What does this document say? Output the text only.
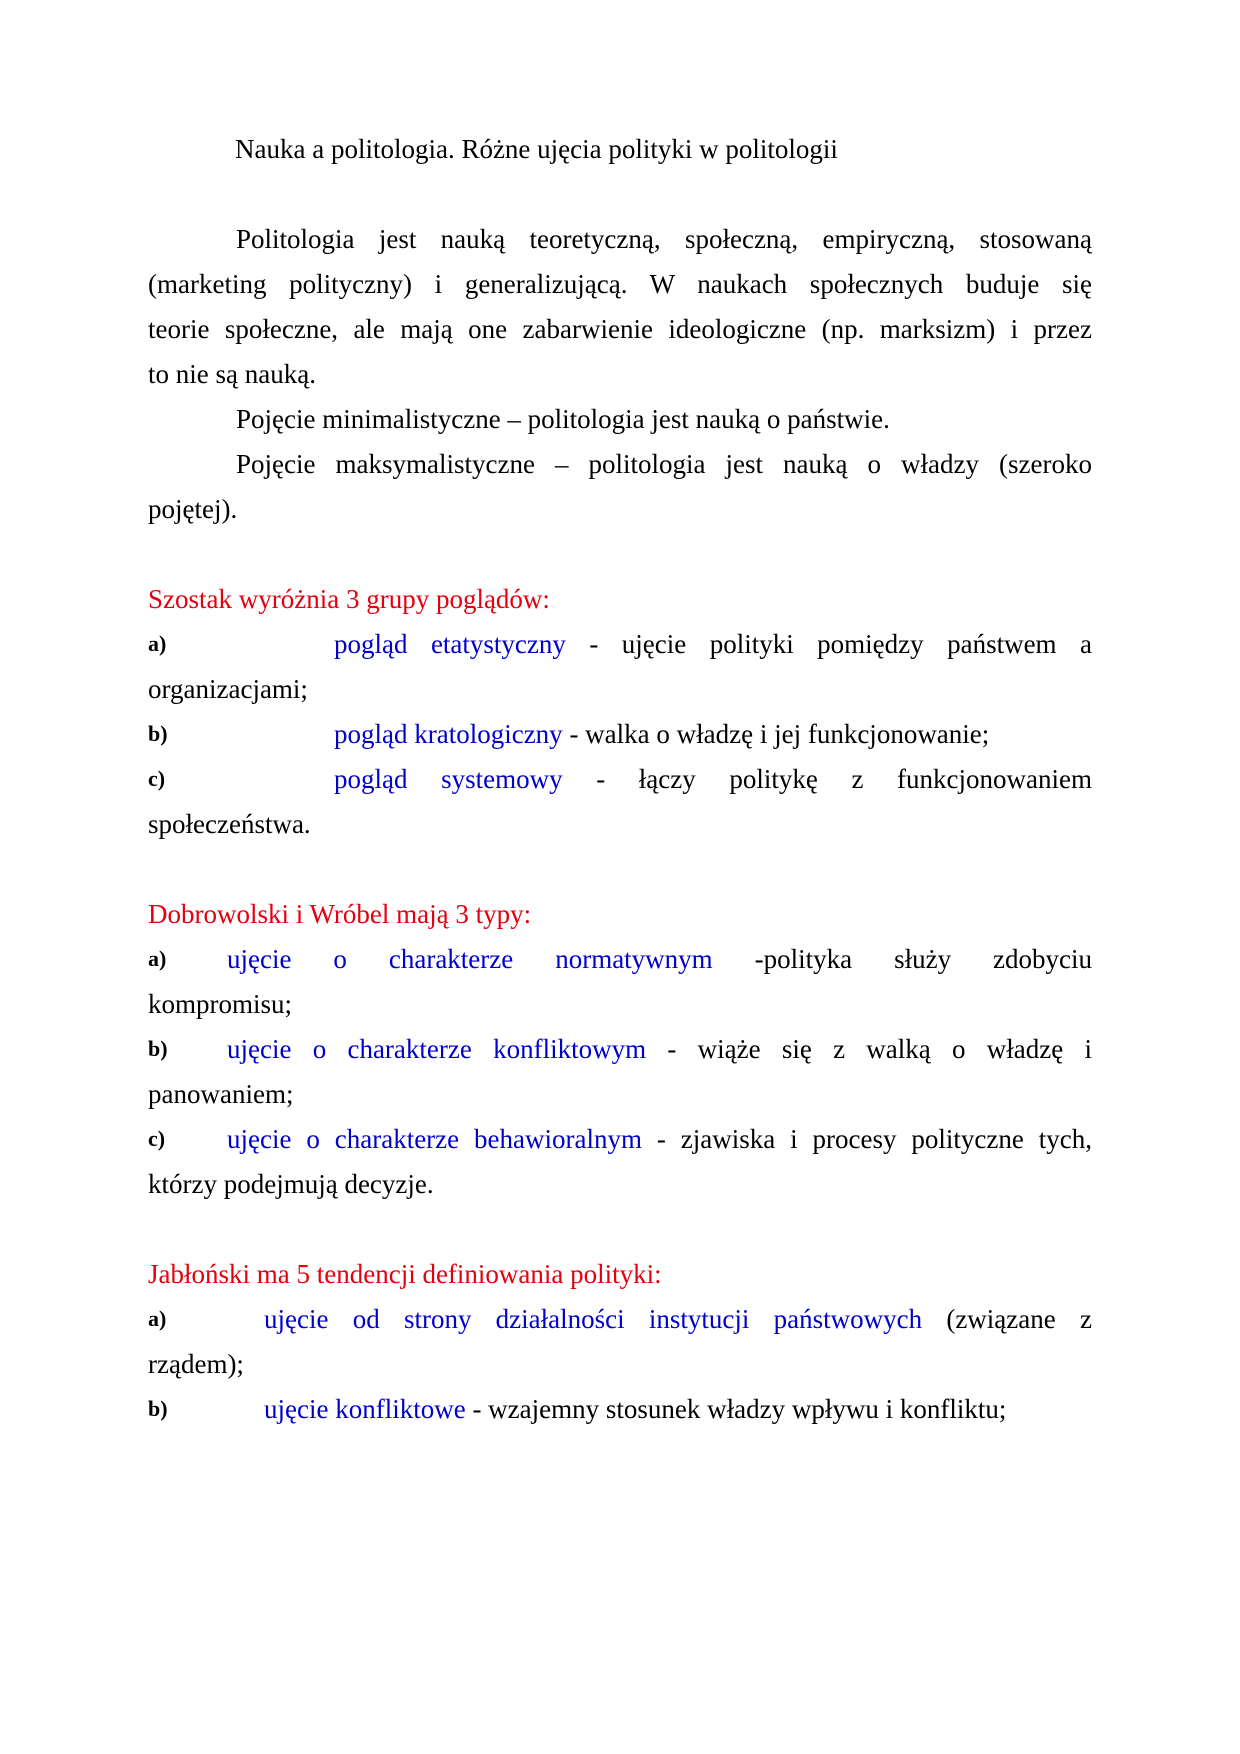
Nauka a politologia. Różne ujęcia polityki w politologii
Politologia jest nauką teoretyczną, społeczną, empiryczną, stosowaną
(marketing polityczny) i generalizującą. W naukach społecznych buduje się
teorie społeczne, ale mają one zabarwienie ideologiczne (np. marksizm) i przez
to nie są nauką.
Pojęcie minimalistyczne – politologia jest nauką o państwie.
Pojęcie maksymalistyczne – politologia jest nauką o władzy (szeroko
pojętej).
Szostak wyróżnia 3 grupy poglądów:
a)	pogląd etatystyczny - ujęcie polityki pomiędzy państwem a
organizacjami;
b)	pogląd kratologiczny - walka o władzę i jej funkcjonowanie;
c)	pogląd systemowy - łączy politykę z funkcjonowaniem
społeczeństwa.
Dobrowolski i Wróbel mają 3 typy:
a) ujęcie o charakterze normatywnym -polityka służy zdobyciu
kompromisu;
b) ujęcie o charakterze konfliktowym - wiąże się z walką o władzę i
panowaniem;
c) ujęcie o charakterze behawioralnym - zjawiska i procesy polityczne tych,
którzy podejmują decyzje.
Jabłoński ma 5 tendencji definiowania polityki:
a)	ujęcie od strony działalności instytucji państwowych (związane z
rządem);
b)	ujęcie konfliktowe - wzajemny stosunek władzy wpływu i konfliktu;
